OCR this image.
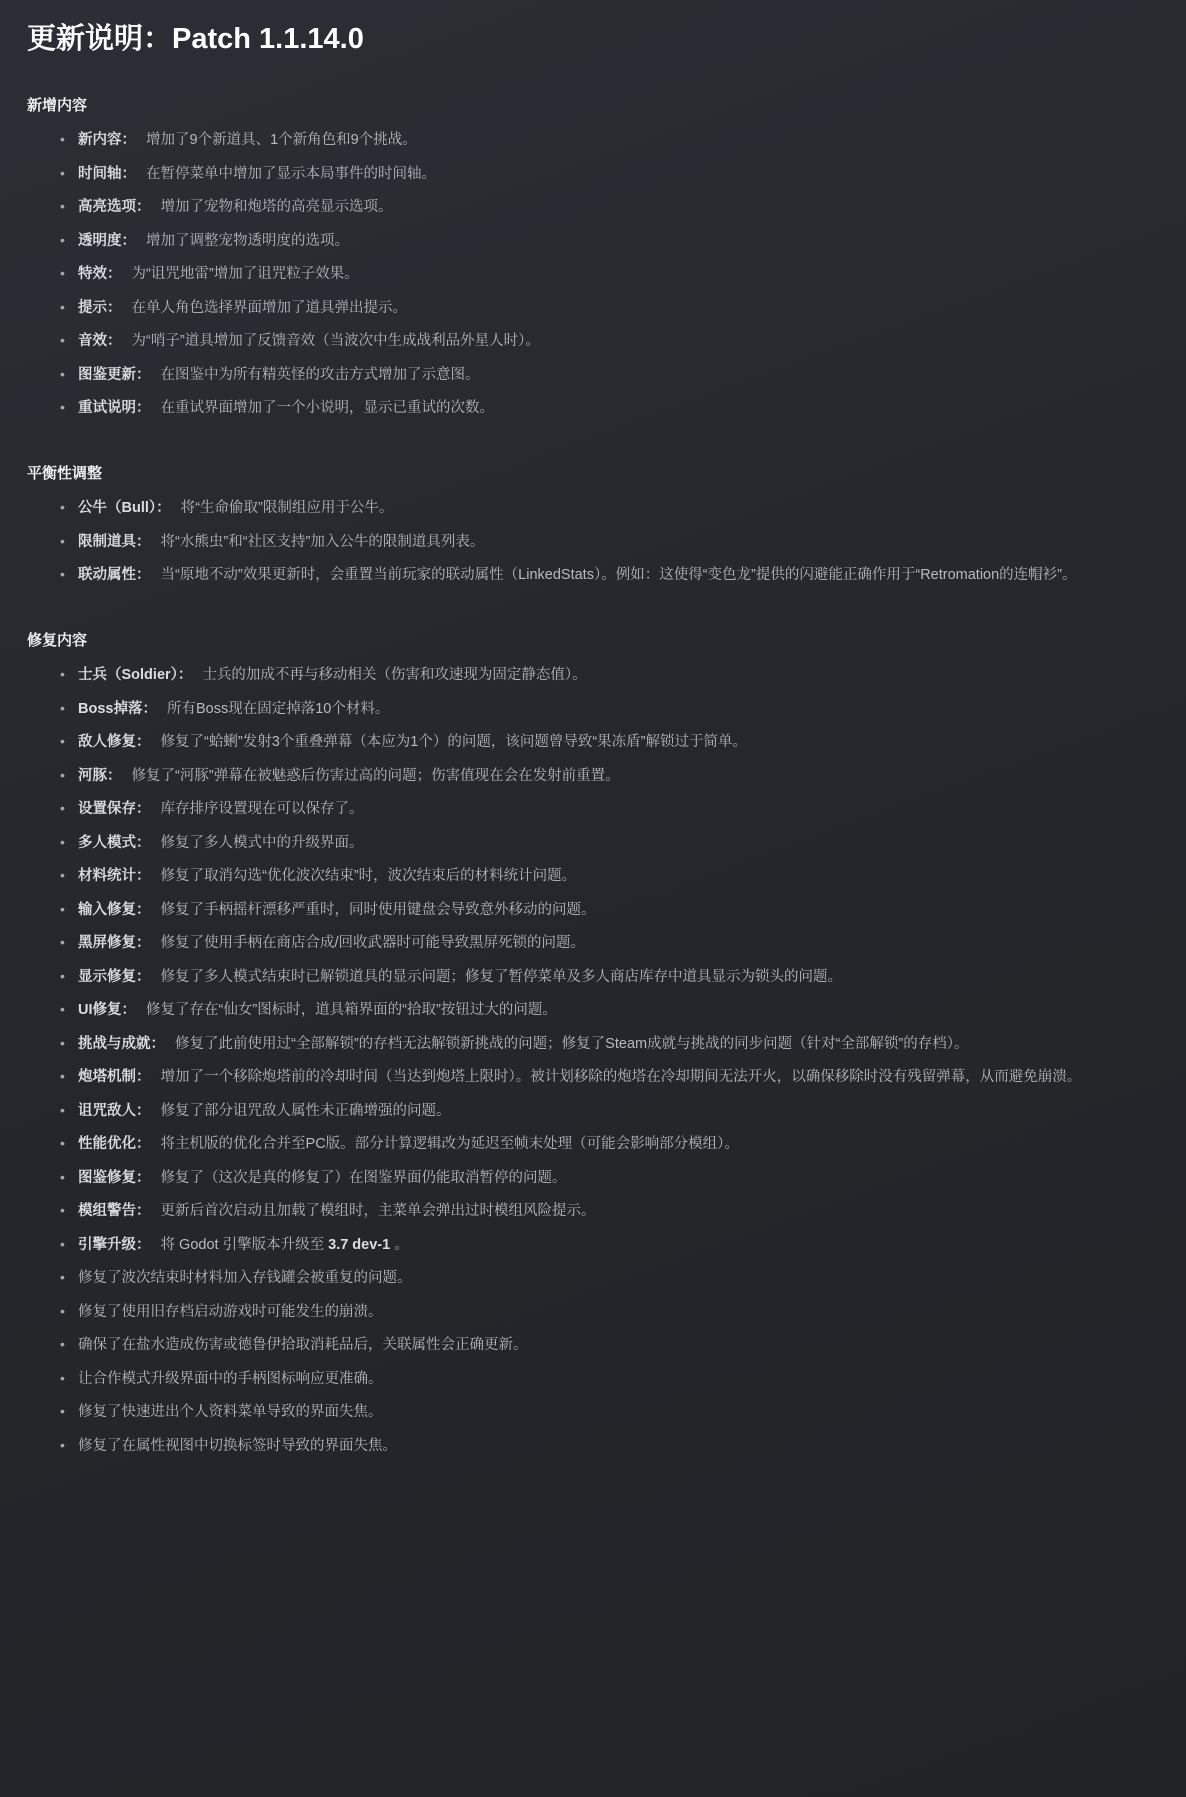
更新说明：Patch 1.1.14.0
新增内容
• 新内容： 增加了9个新道具、1个新角色和9个挑战。
• 时间轴： 在暂停菜单中增加了显示本局事件的时间轴。
• 高亮选项： 增加了宠物和炮塔的高亮显示选项。
• 透明度： 增加了调整宠物透明度的选项。
• 特效： 为“诅咒地雷”增加了诅咒粒子效果。
• 提示： 在单人角色选择界面增加了道具弹出提示。
• 音效： 为“哨子”道具增加了反馈音效（当波次中生成战利品外星人时）。
• 图鉴更新： 在图鉴中为所有精英怪的攻击方式增加了示意图。
• 重试说明： 在重试界面增加了一个小说明，显示已重试的次数。
平衡性调整
• 公牛（Bull）： 将“生命偷取”限制组应用于公牛。
• 限制道具： 将“水熊虫”和“社区支持”加入公牛的限制道具列表。
• 联动属性： 当“原地不动”效果更新时，会重置当前玩家的联动属性（LinkedStats）。例如：这使得“变色龙”提供的闪避能正确作用于“Retromation的连帽衫”。
修复内容
• 士兵（Soldier）： 士兵的加成不再与移动相关（伤害和攻速现为固定静态值）。
• Boss掉落： 所有Boss现在固定掉落10个材料。
• 敌人修复： 修复了“蛤蜊”发射3个重叠弹幕（本应为1个）的问题，该问题曾导致“果冻盾”解锁过于简单。
• 河豚： 修复了“河豚”弹幕在被魅惑后伤害过高的问题；伤害值现在会在发射前重置。
• 设置保存： 库存排序设置现在可以保存了。
• 多人模式： 修复了多人模式中的升级界面。
• 材料统计： 修复了取消勾选“优化波次结束”时，波次结束后的材料统计问题。
• 输入修复： 修复了手柄摇杆漂移严重时，同时使用键盘会导致意外移动的问题。
• 黑屏修复： 修复了使用手柄在商店合成/回收武器时可能导致黑屏死锁的问题。
• 显示修复： 修复了多人模式结束时已解锁道具的显示问题；修复了暂停菜单及多人商店库存中道具显示为锁头的问题。
• UI修复： 修复了存在“仙女”图标时，道具箱界面的“拾取”按钮过大的问题。
• 挑战与成就： 修复了此前使用过“全部解锁”的存档无法解锁新挑战的问题；修复了Steam成就与挑战的同步问题（针对“全部解锁”的存档）。
• 炮塔机制： 增加了一个移除炮塔前的冷却时间（当达到炮塔上限时）。被计划移除的炮塔在冷却期间无法开火，以确保移除时没有残留弹幕，从而避免崩溃。
• 诅咒敌人： 修复了部分诅咒敌人属性未正确增强的问题。
• 性能优化： 将主机版的优化合并至PC版。部分计算逻辑改为延迟至帧末处理（可能会影响部分模组）。
• 图鉴修复： 修复了（这次是真的修复了）在图鉴界面仍能取消暂停的问题。
• 模组警告： 更新后首次启动且加载了模组时，主菜单会弹出过时模组风险提示。
• 引擎升级： 将 Godot 引擎版本升级至 3.7 dev-1 。
• 修复了波次结束时材料加入存钱罐会被重复的问题。
• 修复了使用旧存档启动游戏时可能发生的崩溃。
• 确保了在盐水造成伤害或德鲁伊拾取消耗品后，关联属性会正确更新。
• 让合作模式升级界面中的手柄图标响应更准确。
• 修复了快速进出个人资料菜单导致的界面失焦。
• 修复了在属性视图中切换标签时导致的界面失焦。
